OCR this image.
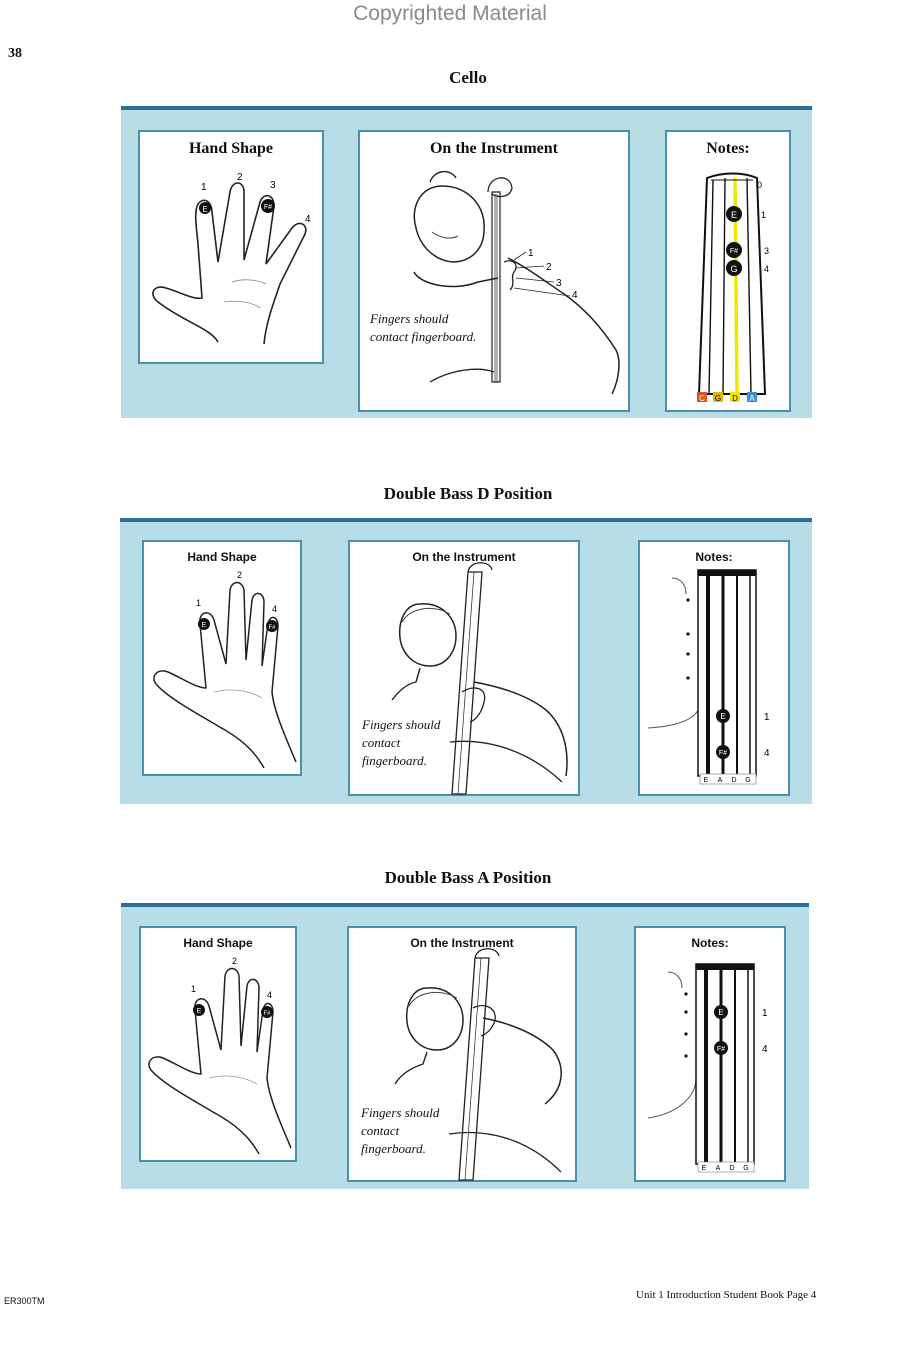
Copyrighted Material
38
Cello
Hand Shape
E	F#
1
2
3
4
On the Instrument
1
2
3
4
Fingers should
contact fingerboard.
Notes:
E
F#
G
0
1
3
4
C G D A
Double Bass D Position
Hand Shape
E	F#
1
2
4
On the Instrument
Fingers should
contact
fingerboard.
Notes:
E
F#
1
4
E A D G
Double Bass A Position
Hand Shape
E	F#
1
2
4
On the Instrument
Fingers should
contact
fingerboard.
Notes:
E
F#
1
4
E A D G
ER300TM	Unit 1 Introduction Student Book Page 4
